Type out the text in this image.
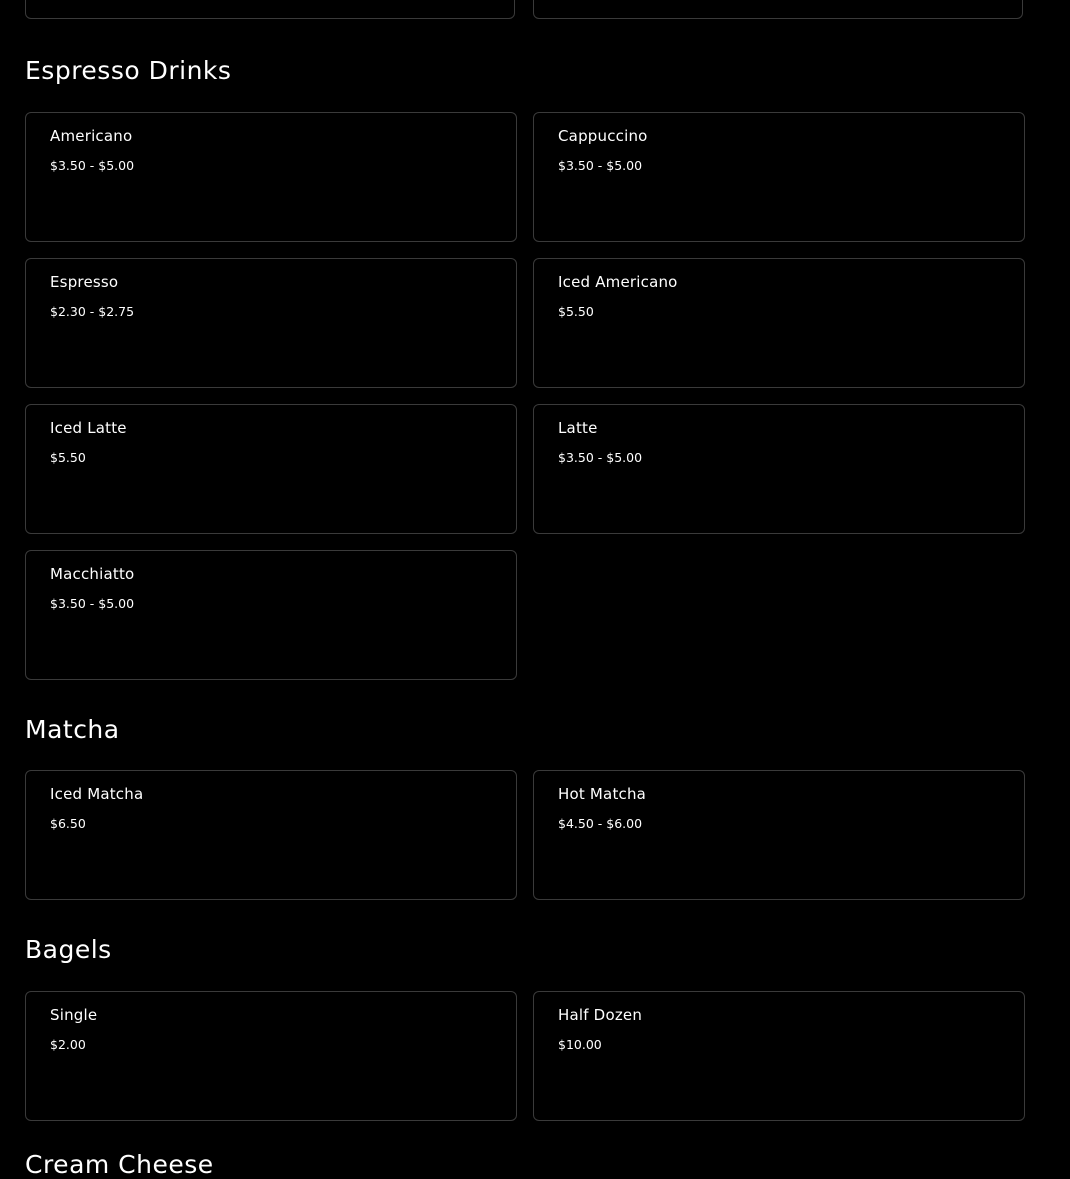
Espresso Drinks
Americano
$3.50 - $5.00
Cappuccino
$3.50 - $5.00
Espresso
$2.30 - $2.75
Iced Americano
$5.50
Iced Latte
$5.50
Latte
$3.50 - $5.00
Macchiatto
$3.50 - $5.00
Matcha
Iced Matcha
$6.50
Hot Matcha
$4.50 - $6.00
Bagels
Single
$2.00
Half Dozen
$10.00
Cream Cheese
